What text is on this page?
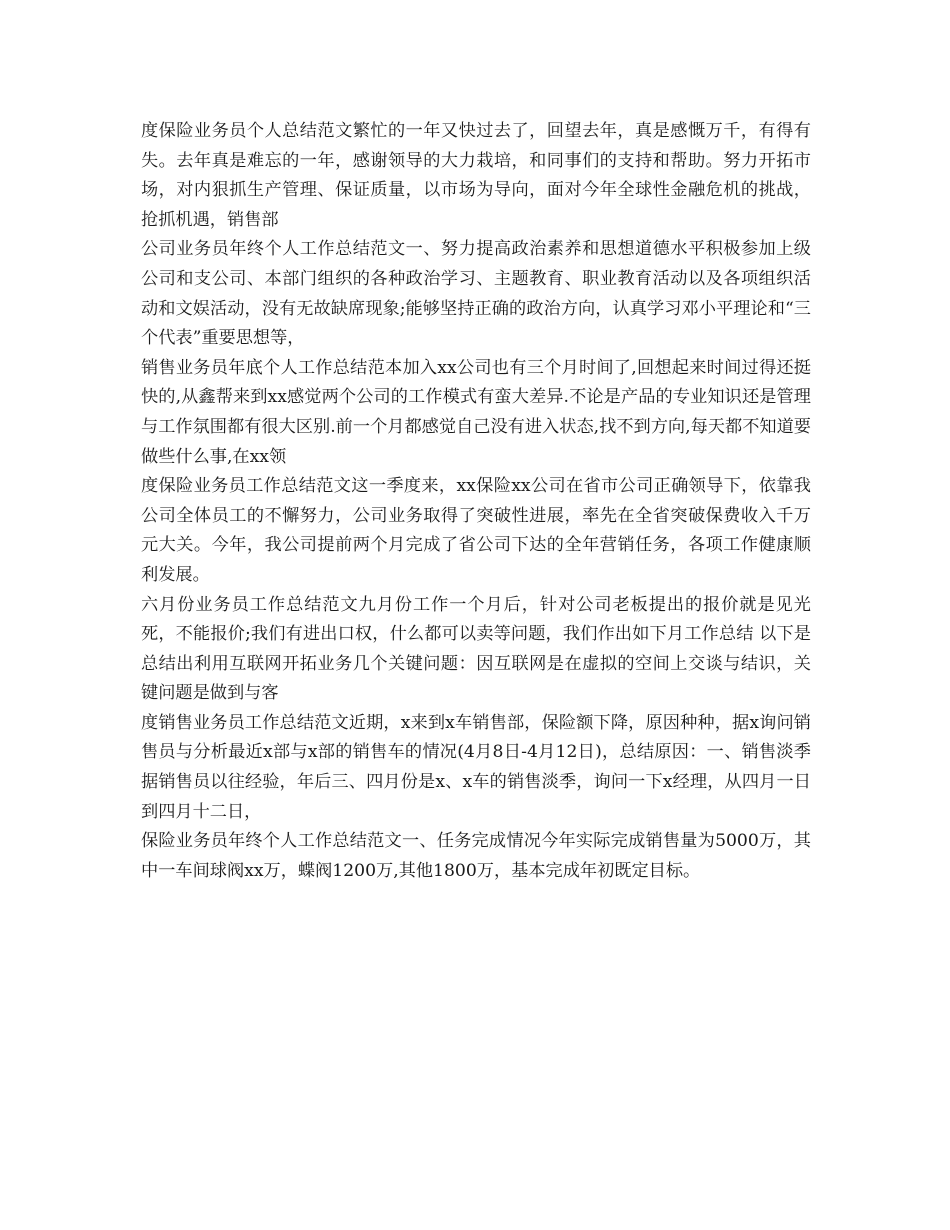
度保险业务员个人总结范文繁忙的一年又快过去了，回望去年，真是感慨万千，有得有失。去年真是难忘的一年，感谢领导的大力栽培，和同事们的支持和帮助。努力开拓市场，对内狠抓生产管理、保证质量，以市场为导向，面对今年全球性金融危机的挑战，抢抓机遇，销售部

公司业务员年终个人工作总结范文一、努力提高政治素养和思想道德水平积极参加上级公司和支公司、本部门组织的各种政治学习、主题教育、职业教育活动以及各项组织活动和文娱活动，没有无故缺席现象;能够坚持正确的政治方向，认真学习邓小平理论和“三个代表”重要思想等，

销售业务员年底个人工作总结范本加入xx公司也有三个月时间了,回想起来时间过得还挺快的,从鑫帮来到xx感觉两个公司的工作模式有蛮大差异.不论是产品的专业知识还是管理与工作氛围都有很大区别.前一个月都感觉自己没有进入状态,找不到方向,每天都不知道要做些什么事,在xx领

度保险业务员工作总结范文这一季度来，xx保险xx公司在省市公司正确领导下，依靠我公司全体员工的不懈努力，公司业务取得了突破性进展，率先在全省突破保费收入千万元大关。今年，我公司提前两个月完成了省公司下达的全年营销任务，各项工作健康顺利发展。

六月份业务员工作总结范文九月份工作一个月后，针对公司老板提出的报价就是见光死，不能报价;我们有进出口权，什么都可以卖等问题，我们作出如下月工作总结 以下是总结出利用互联网开拓业务几个关键问题：因互联网是在虚拟的空间上交谈与结识，关键问题是做到与客

度销售业务员工作总结范文近期，x来到x车销售部，保险额下降，原因种种，据x询问销售员与分析最近x部与x部的销售车的情况(4月8日-4月12日)，总结原因：一、销售淡季据销售员以往经验，年后三、四月份是x、x车的销售淡季，询问一下x经理，从四月一日到四月十二日，

保险业务员年终个人工作总结范文一、任务完成情况今年实际完成销售量为5000万，其中一车间球阀xx万，蝶阀1200万,其他1800万，基本完成年初既定目标。
